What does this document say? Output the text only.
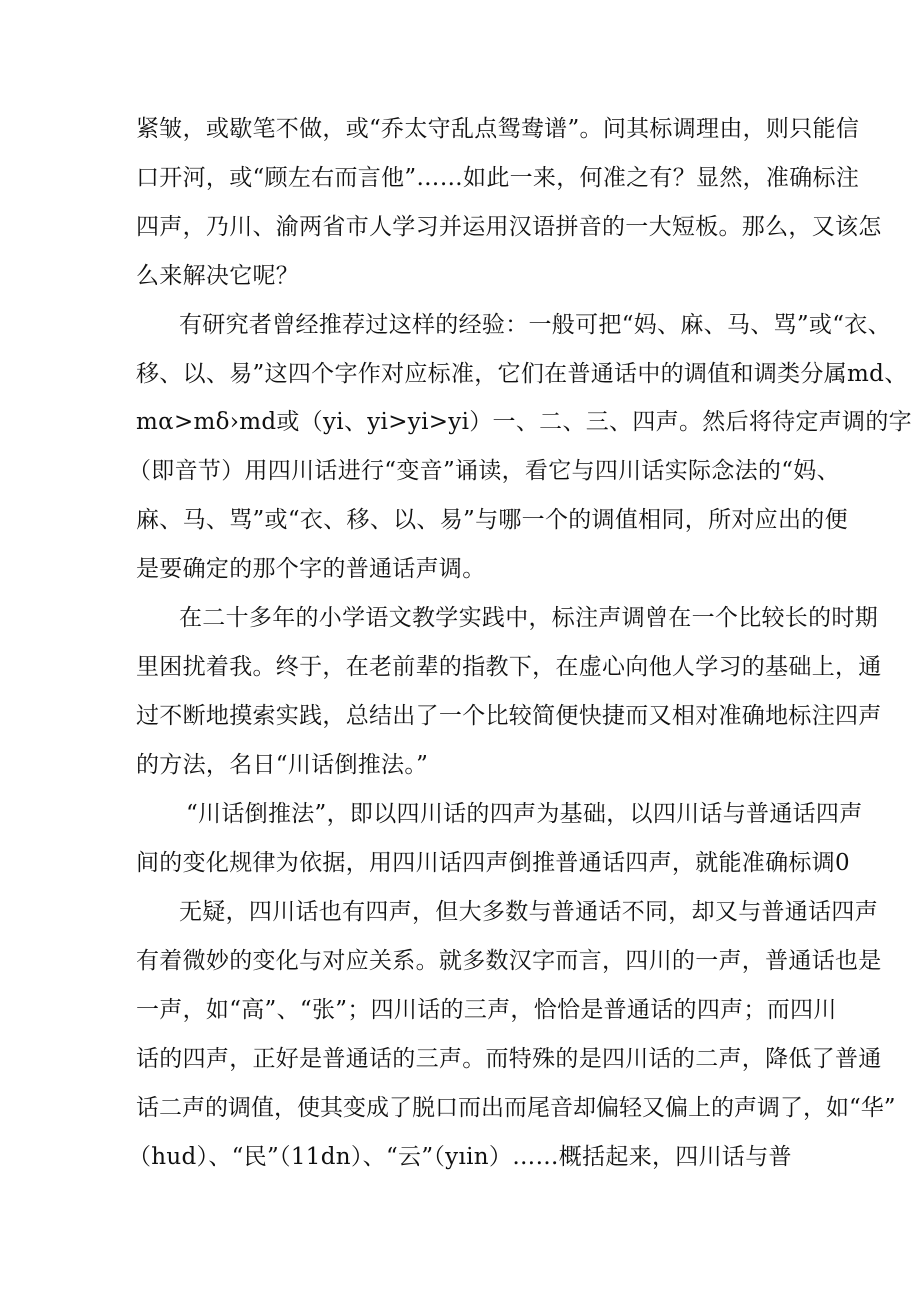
紧皱，或歇笔不做，或“乔太守乱点鸳鸯谱”。问其标调理由，则只能信
口开河，或“顾左右而言他”……如此一来，何准之有？显然，准确标注
四声，乃川、渝两省市人学习并运用汉语拼音的一大短板。那么，又该怎
么来解决它呢？
有研究者曾经推荐过这样的经验：一般可把“妈、麻、马、骂”或“衣、
移、以、易”这四个字作对应标准，它们在普通话中的调值和调类分属md、
mα>mδ›md或（yi、yi>yi>yi）一、二、三、四声。然后将待定声调的字
（即音节）用四川话进行“变音”诵读，看它与四川话实际念法的“妈、
麻、马、骂”或“衣、移、以、易”与哪一个的调值相同，所对应出的便
是要确定的那个字的普通话声调。
在二十多年的小学语文教学实践中，标注声调曾在一个比较长的时期
里困扰着我。终于，在老前辈的指教下，在虚心向他人学习的基础上，通
过不断地摸索实践，总结出了一个比较简便快捷而又相对准确地标注四声
的方法，名日“川话倒推法。”
“川话倒推法”，即以四川话的四声为基础，以四川话与普通话四声
间的变化规律为依据，用四川话四声倒推普通话四声，就能准确标调0
无疑，四川话也有四声，但大多数与普通话不同，却又与普通话四声
有着微妙的变化与对应关系。就多数汉字而言，四川的一声，普通话也是
一声，如“高”、“张”；四川话的三声，恰恰是普通话的四声；而四川
话的四声，正好是普通话的三声。而特殊的是四川话的二声，降低了普通
话二声的调值，使其变成了脱口而出而尾音却偏轻又偏上的声调了，如“华”
（hud）、“民”（11dn）、“云”（yıin）……概括起来，四川话与普
